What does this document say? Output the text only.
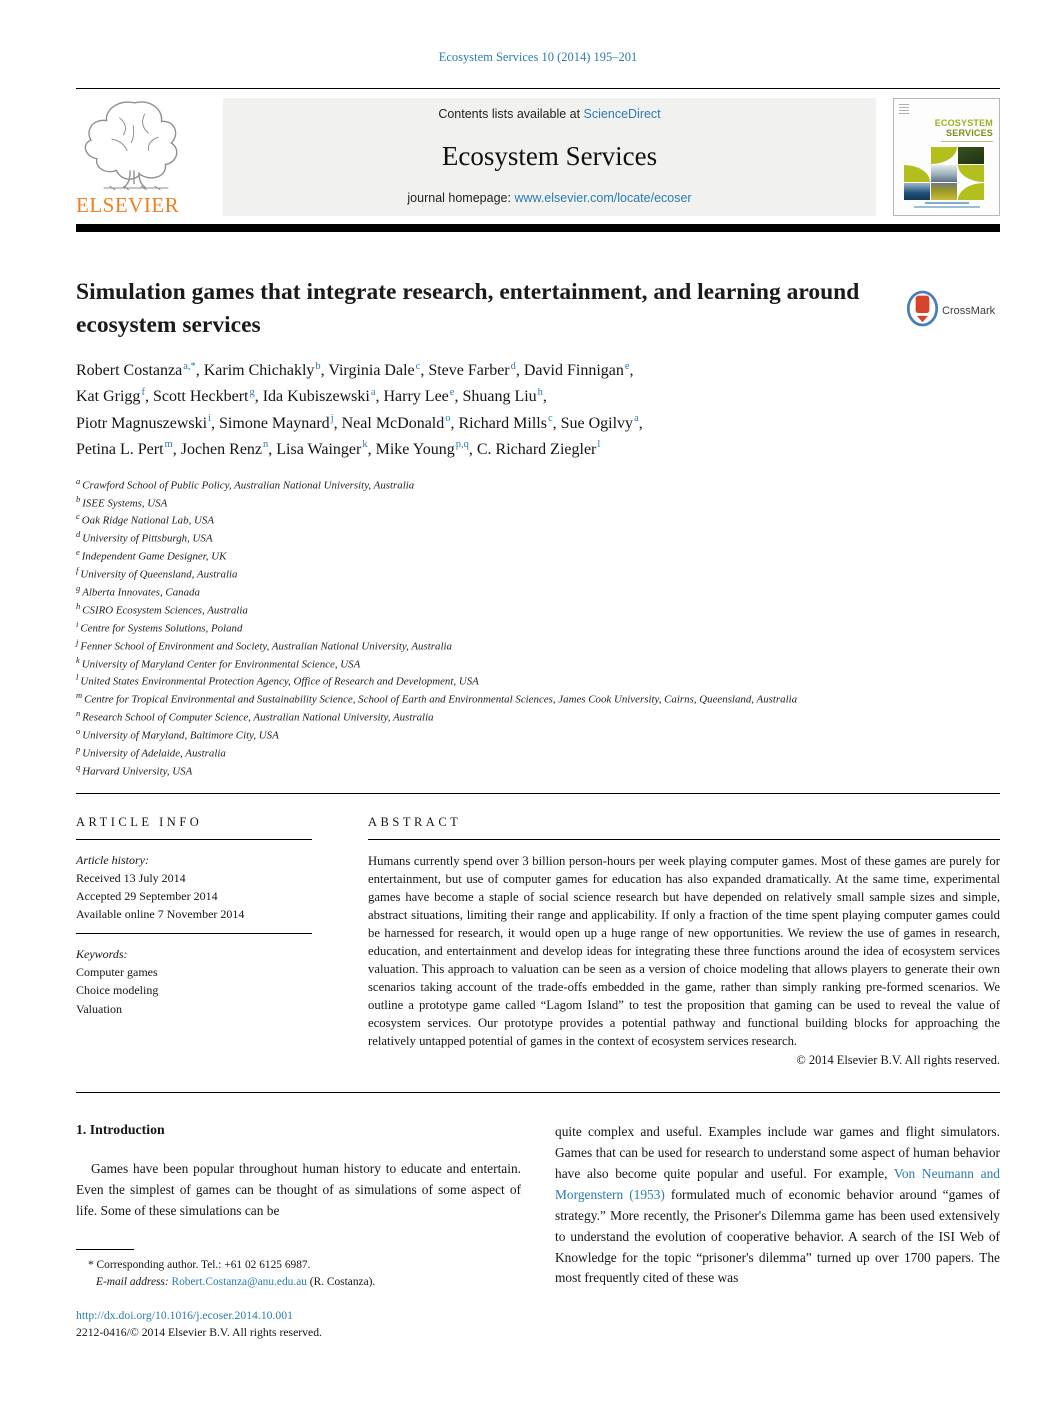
Ecosystem Services 10 (2014) 195–201
ELSEVIER
Contents lists available at ScienceDirect
Ecosystem Services
journal homepage: www.elsevier.com/locate/ecoser
ECOSYSTEM
SERVICES
Simulation games that integrate research, entertainment, and learning around ecosystem services
CrossMark
Robert Costanza$^{a,*}$ , Karim Chichakly$^b$ , Virginia Dale$^c$ , Steve Farber$^d$ , David Finnigan$^e$ ,
Kat Grigg$^f$ , Scott Heckbert$^g$ , Ida Kubiszewski$^a$ , Harry Lee$^e$ , Shuang Liu$^h$ ,
Piotr Magnuszewski$^i$ , Simone Maynard$^j$ , Neal McDonald$^o$ , Richard Mills$^c$ , Sue Ogilvy$^a$ ,
Petina L. Pert$^m$ , Jochen Renz$^n$ , Lisa Wainger$^k$ , Mike Young$^{p,q}$ , C. Richard Ziegler$^l$
$^a$ Crawford School of Public Policy, Australian National University, Australia
$^b$ ISEE Systems, USA
$^c$ Oak Ridge National Lab, USA
$^d$ University of Pittsburgh, USA
$^e$ Independent Game Designer, UK
$^f$ University of Queensland, Australia
$^g$ Alberta Innovates, Canada
$^h$ CSIRO Ecosystem Sciences, Australia
$^i$ Centre for Systems Solutions, Poland
$^j$ Fenner School of Environment and Society, Australian National University, Australia
$^k$ University of Maryland Center for Environmental Science, USA
$^l$ United States Environmental Protection Agency, Office of Research and Development, USA
$^m$ Centre for Tropical Environmental and Sustainability Science, School of Earth and Environmental Sciences, James Cook University, Cairns, Queensland, Australia
$^n$ Research School of Computer Science, Australian National University, Australia
$^o$ University of Maryland, Baltimore City, USA
$^p$ University of Adelaide, Australia
$^q$ Harvard University, USA
ARTICLE INFO
Article history:
Received 13 July 2014
Accepted 29 September 2014
Available online 7 November 2014
Keywords:
Computer games
Choice modeling
Valuation
ABSTRACT
Humans currently spend over 3 billion person-hours per week playing computer games. Most of these games are purely for entertainment, but use of computer games for education has also expanded dramatically. At the same time, experimental games have become a staple of social science research but have depended on relatively small sample sizes and simple, abstract situations, limiting their range and applicability. If only a fraction of the time spent playing computer games could be harnessed for research, it would open up a huge range of new opportunities. We review the use of games in research, education, and entertainment and develop ideas for integrating these three functions around the idea of ecosystem services valuation. This approach to valuation can be seen as a version of choice modeling that allows players to generate their own scenarios taking account of the trade-offs embedded in the game, rather than simply ranking pre-formed scenarios. We outline a prototype game called “Lagom Island” to test the proposition that gaming can be used to reveal the value of ecosystem services. Our prototype provides a potential pathway and functional building blocks for approaching the relatively untapped potential of games in the context of ecosystem services research.
© 2014 Elsevier B.V. All rights reserved.
1. Introduction

Games have been popular throughout human history to educate and entertain. Even the simplest of games can be thought of as simulations of some aspect of life. Some of these simulations can be

* Corresponding author. Tel.: +61 02 6125 6987.
E-mail address: Robert.Costanza@anu.edu.au (R. Costanza).
http://dx.doi.org/10.1016/j.ecoser.2014.10.001
2212-0416/© 2014 Elsevier B.V. All rights reserved.

quite complex and useful. Examples include war games and flight simulators. Games that can be used for research to understand some aspect of human behavior have also become quite popular and useful. For example, Von Neumann and Morgenstern (1953) formulated much of economic behavior around “games of strategy.” More recently, the Prisoner's Dilemma game has been used extensively to understand the evolution of cooperative behavior. A search of the ISI Web of Knowledge for the topic “prisoner's dilemma” turned up over 1700 papers. The most frequently cited of these was
